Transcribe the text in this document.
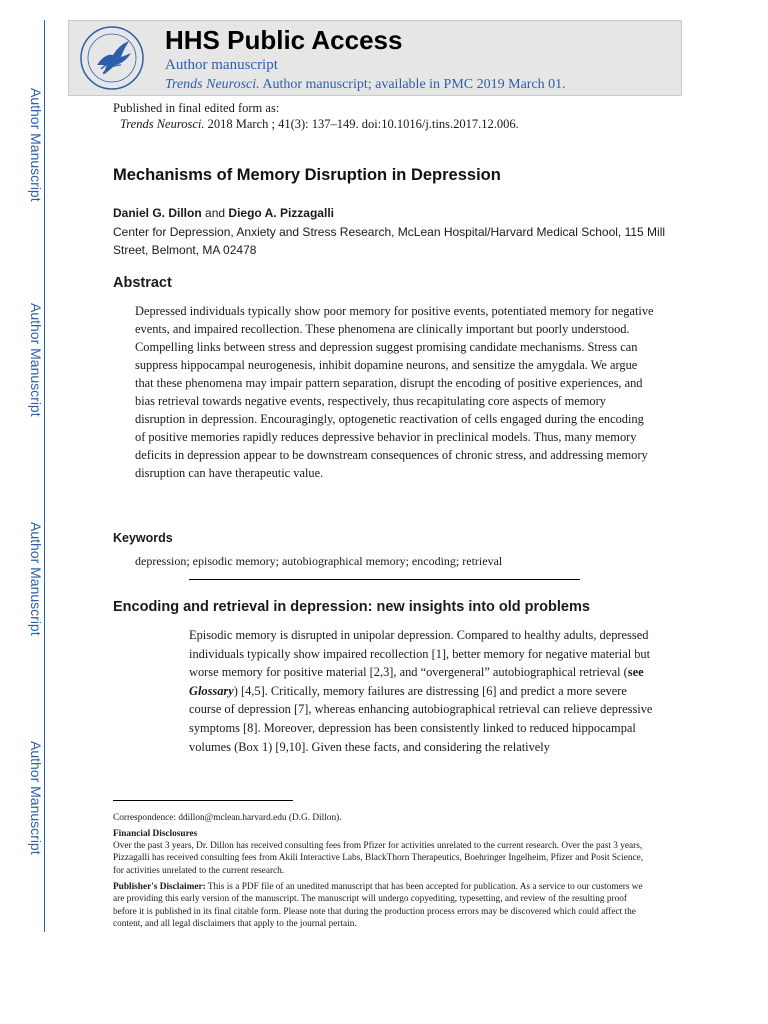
Author Manuscript
Author Manuscript
Author Manuscript
Author Manuscript
HHS Public Access
Author manuscript
Trends Neurosci. Author manuscript; available in PMC 2019 March 01.
Published in final edited form as:
Trends Neurosci. 2018 March ; 41(3): 137–149. doi:10.1016/j.tins.2017.12.006.
Mechanisms of Memory Disruption in Depression
Daniel G. Dillon and Diego A. Pizzagalli
Center for Depression, Anxiety and Stress Research, McLean Hospital/Harvard Medical School, 115 Mill Street, Belmont, MA 02478
Abstract
Depressed individuals typically show poor memory for positive events, potentiated memory for negative events, and impaired recollection. These phenomena are clinically important but poorly understood. Compelling links between stress and depression suggest promising candidate mechanisms. Stress can suppress hippocampal neurogenesis, inhibit dopamine neurons, and sensitize the amygdala. We argue that these phenomena may impair pattern separation, disrupt the encoding of positive experiences, and bias retrieval towards negative events, respectively, thus recapitulating core aspects of memory disruption in depression. Encouragingly, optogenetic reactivation of cells engaged during the encoding of positive memories rapidly reduces depressive behavior in preclinical models. Thus, many memory deficits in depression appear to be downstream consequences of chronic stress, and addressing memory disruption can have therapeutic value.
Keywords
depression; episodic memory; autobiographical memory; encoding; retrieval
Encoding and retrieval in depression: new insights into old problems
Episodic memory is disrupted in unipolar depression. Compared to healthy adults, depressed individuals typically show impaired recollection [1], better memory for negative material but worse memory for positive material [2,3], and “overgeneral” autobiographical retrieval (see Glossary) [4,5]. Critically, memory failures are distressing [6] and predict a more severe course of depression [7], whereas enhancing autobiographical retrieval can relieve depressive symptoms [8]. Moreover, depression has been consistently linked to reduced hippocampal volumes (Box 1) [9,10]. Given these facts, and considering the relatively
Correspondence: ddillon@mclean.harvard.edu (D.G. Dillon).
Financial Disclosures
Over the past 3 years, Dr. Dillon has received consulting fees from Pfizer for activities unrelated to the current research. Over the past 3 years, Pizzagalli has received consulting fees from Akili Interactive Labs, BlackThorn Therapeutics, Boehringer Ingelheim, Pfizer and Posit Science, for activities unrelated to the current research.
Publisher's Disclaimer: This is a PDF file of an unedited manuscript that has been accepted for publication. As a service to our customers we are providing this early version of the manuscript. The manuscript will undergo copyediting, typesetting, and review of the resulting proof before it is published in its final citable form. Please note that during the production process errors may be discovered which could affect the content, and all legal disclaimers that apply to the journal pertain.
